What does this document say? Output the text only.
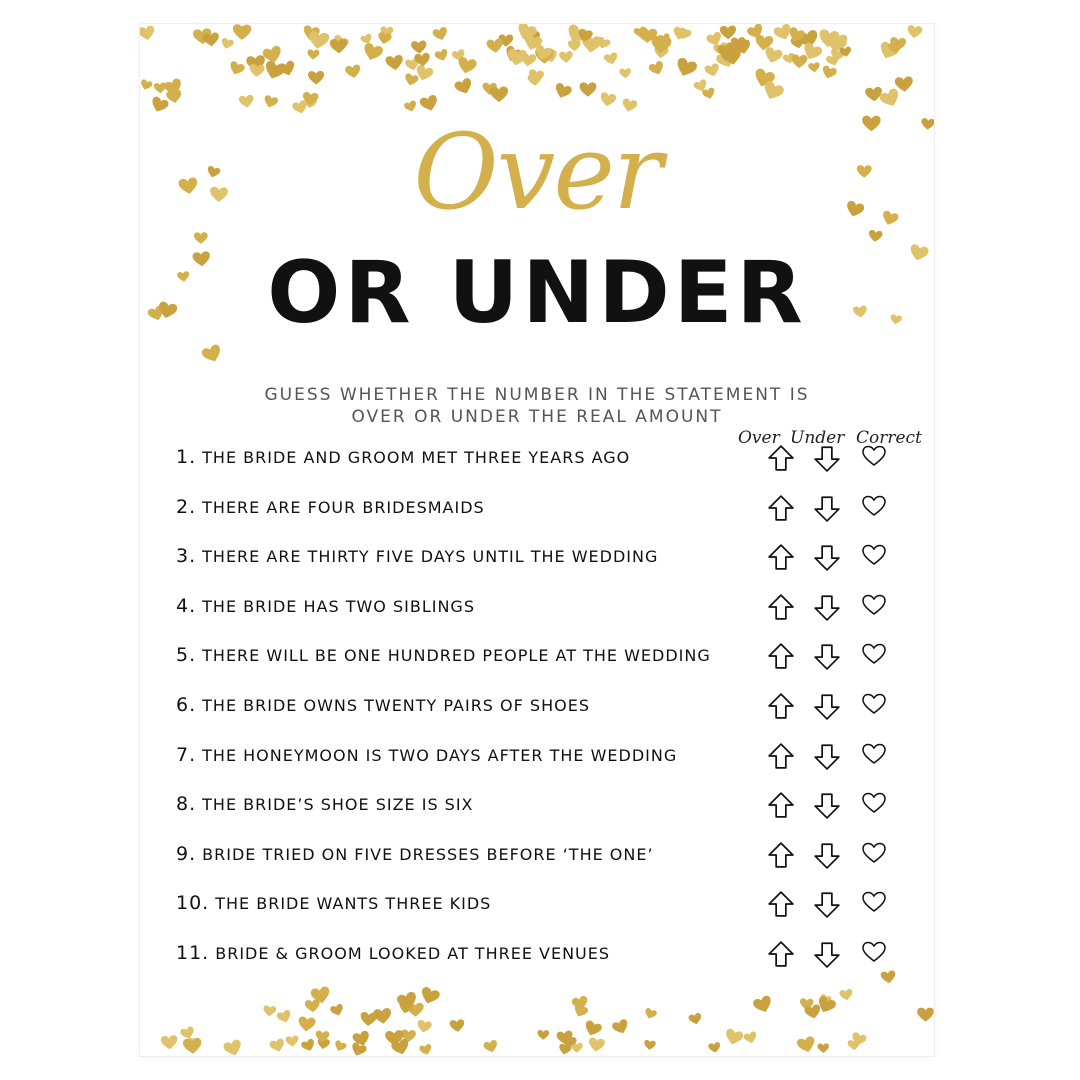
Over
OR UNDER
GUESS WHETHER THE NUMBER IN THE STATEMENT IS
OVER OR UNDER THE REAL AMOUNT
Over Under Correct
1. THE BRIDE AND GROOM MET THREE YEARS AGO
2. THERE ARE FOUR BRIDESMAIDS
3. THERE ARE THIRTY FIVE DAYS UNTIL THE WEDDING
4. THE BRIDE HAS TWO SIBLINGS
5. THERE WILL BE ONE HUNDRED PEOPLE AT THE WEDDING
6. THE BRIDE OWNS TWENTY PAIRS OF SHOES
7. THE HONEYMOON IS TWO DAYS AFTER THE WEDDING
8. THE BRIDE’S SHOE SIZE IS SIX
9. BRIDE TRIED ON FIVE DRESSES BEFORE ‘THE ONE’
10. THE BRIDE WANTS THREE KIDS
11. BRIDE & GROOM LOOKED AT THREE VENUES
